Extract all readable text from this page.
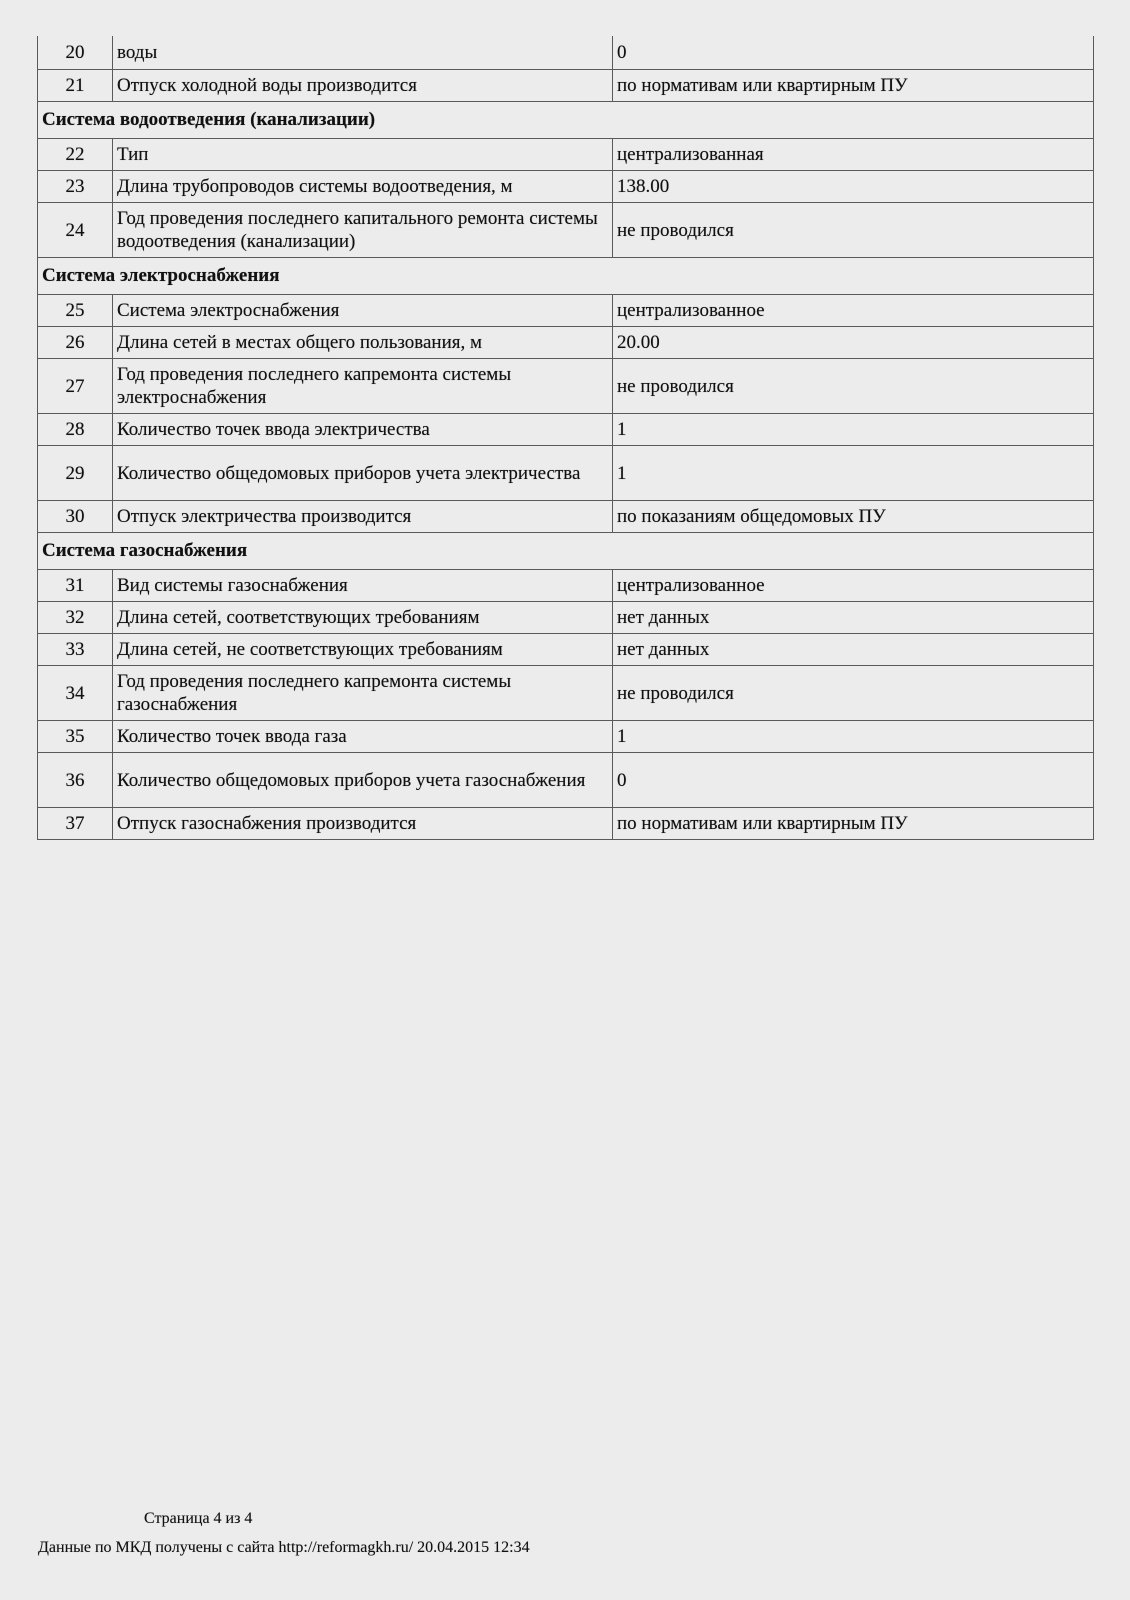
20	воды	0
21	Отпуск холодной воды производится	по нормативам или квартирным ПУ
Система водоотведения (канализации)		
22	Тип	централизованная
23	Длина трубопроводов системы водоотведения, м	138.00
24	Год проведения последнего капитального ремонта системы водоотведения (канализации)	не проводился
Система электроснабжения		
25	Система электроснабжения	централизованное
26	Длина сетей в местах общего пользования, м	20.00
27	Год проведения последнего капремонта системы электроснабжения	не проводился
28	Количество точек ввода электричества	1
29	Количество общедомовых приборов учета электричества	1
30	Отпуск электричества производится	по показаниям общедомовых ПУ
Система газоснабжения		
31	Вид системы газоснабжения	централизованное
32	Длина сетей, соответствующих требованиям	нет данных
33	Длина сетей, не соответствующих требованиям	нет данных
34	Год проведения последнего капремонта системы газоснабжения	не проводился
35	Количество точек ввода газа	1
36	Количество общедомовых приборов учета газоснабжения	0
37	Отпуск газоснабжения производится	по нормативам или квартирным ПУ
Страница 4 из 4
Данные по МКД получены с сайта http://reformagkh.ru/ 20.04.2015 12:34
